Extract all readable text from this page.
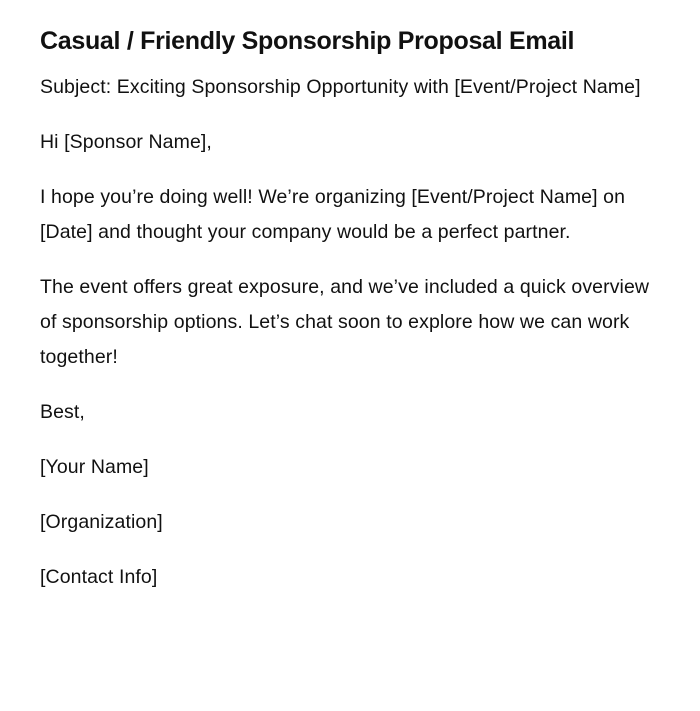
Casual / Friendly Sponsorship Proposal Email

Subject: Exciting Sponsorship Opportunity with [Event/Project Name]

Hi [Sponsor Name],

I hope you’re doing well! We’re organizing [Event/Project Name] on [Date] and thought your company would be a perfect partner.

The event offers great exposure, and we’ve included a quick overview of sponsorship options. Let’s chat soon to explore how we can work together!

Best,

[Your Name]

[Organization]

[Contact Info]
